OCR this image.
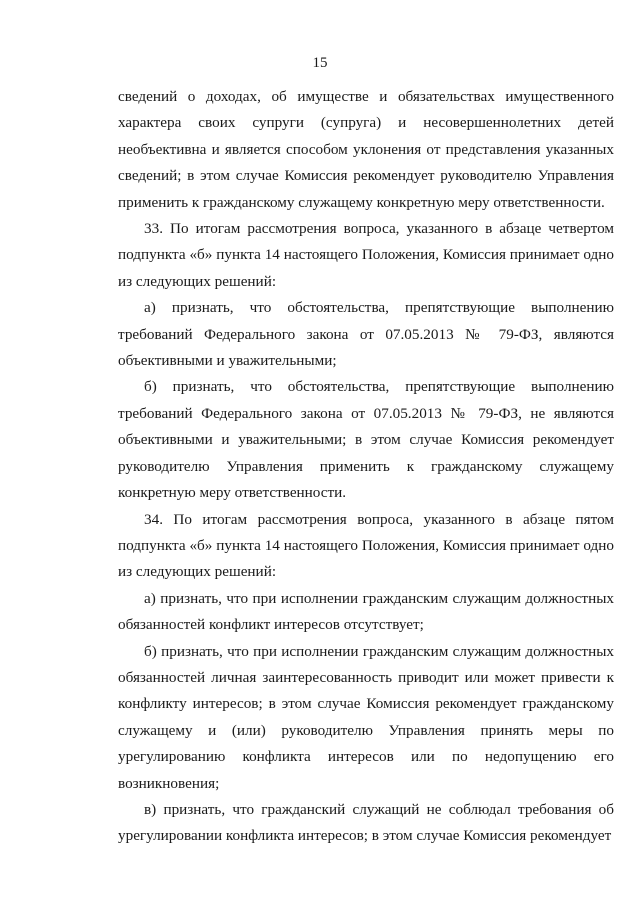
15

сведений о доходах, об имуществе и обязательствах имущественного характера своих супруги (супруга) и несовершеннолетних детей необъективна и является способом уклонения от представления указанных сведений; в этом случае Комиссия рекомендует руководителю Управления применить к гражданскому служащему конкретную меру ответственности.

33. По итогам рассмотрения вопроса, указанного в абзаце четвертом подпункта «б» пункта 14 настоящего Положения, Комиссия принимает одно из следующих решений:

а) признать, что обстоятельства, препятствующие выполнению требований Федерального закона от 07.05.2013 № 79-ФЗ, являются объективными и уважительными;

б) признать, что обстоятельства, препятствующие выполнению требований Федерального закона от 07.05.2013 № 79-ФЗ, не являются объективными и уважительными; в этом случае Комиссия рекомендует руководителю Управления применить к гражданскому служащему конкретную меру ответственности.

34. По итогам рассмотрения вопроса, указанного в абзаце пятом подпункта «б» пункта 14 настоящего Положения, Комиссия принимает одно из следующих решений:

а) признать, что при исполнении гражданским служащим должностных обязанностей конфликт интересов отсутствует;

б) признать, что при исполнении гражданским служащим должностных обязанностей личная заинтересованность приводит или может привести к конфликту интересов; в этом случае Комиссия рекомендует гражданскому служащему и (или) руководителю Управления принять меры по урегулированию конфликта интересов или по недопущению его возникновения;

в) признать, что гражданский служащий не соблюдал требования об урегулировании конфликта интересов; в этом случае Комиссия рекомендует
